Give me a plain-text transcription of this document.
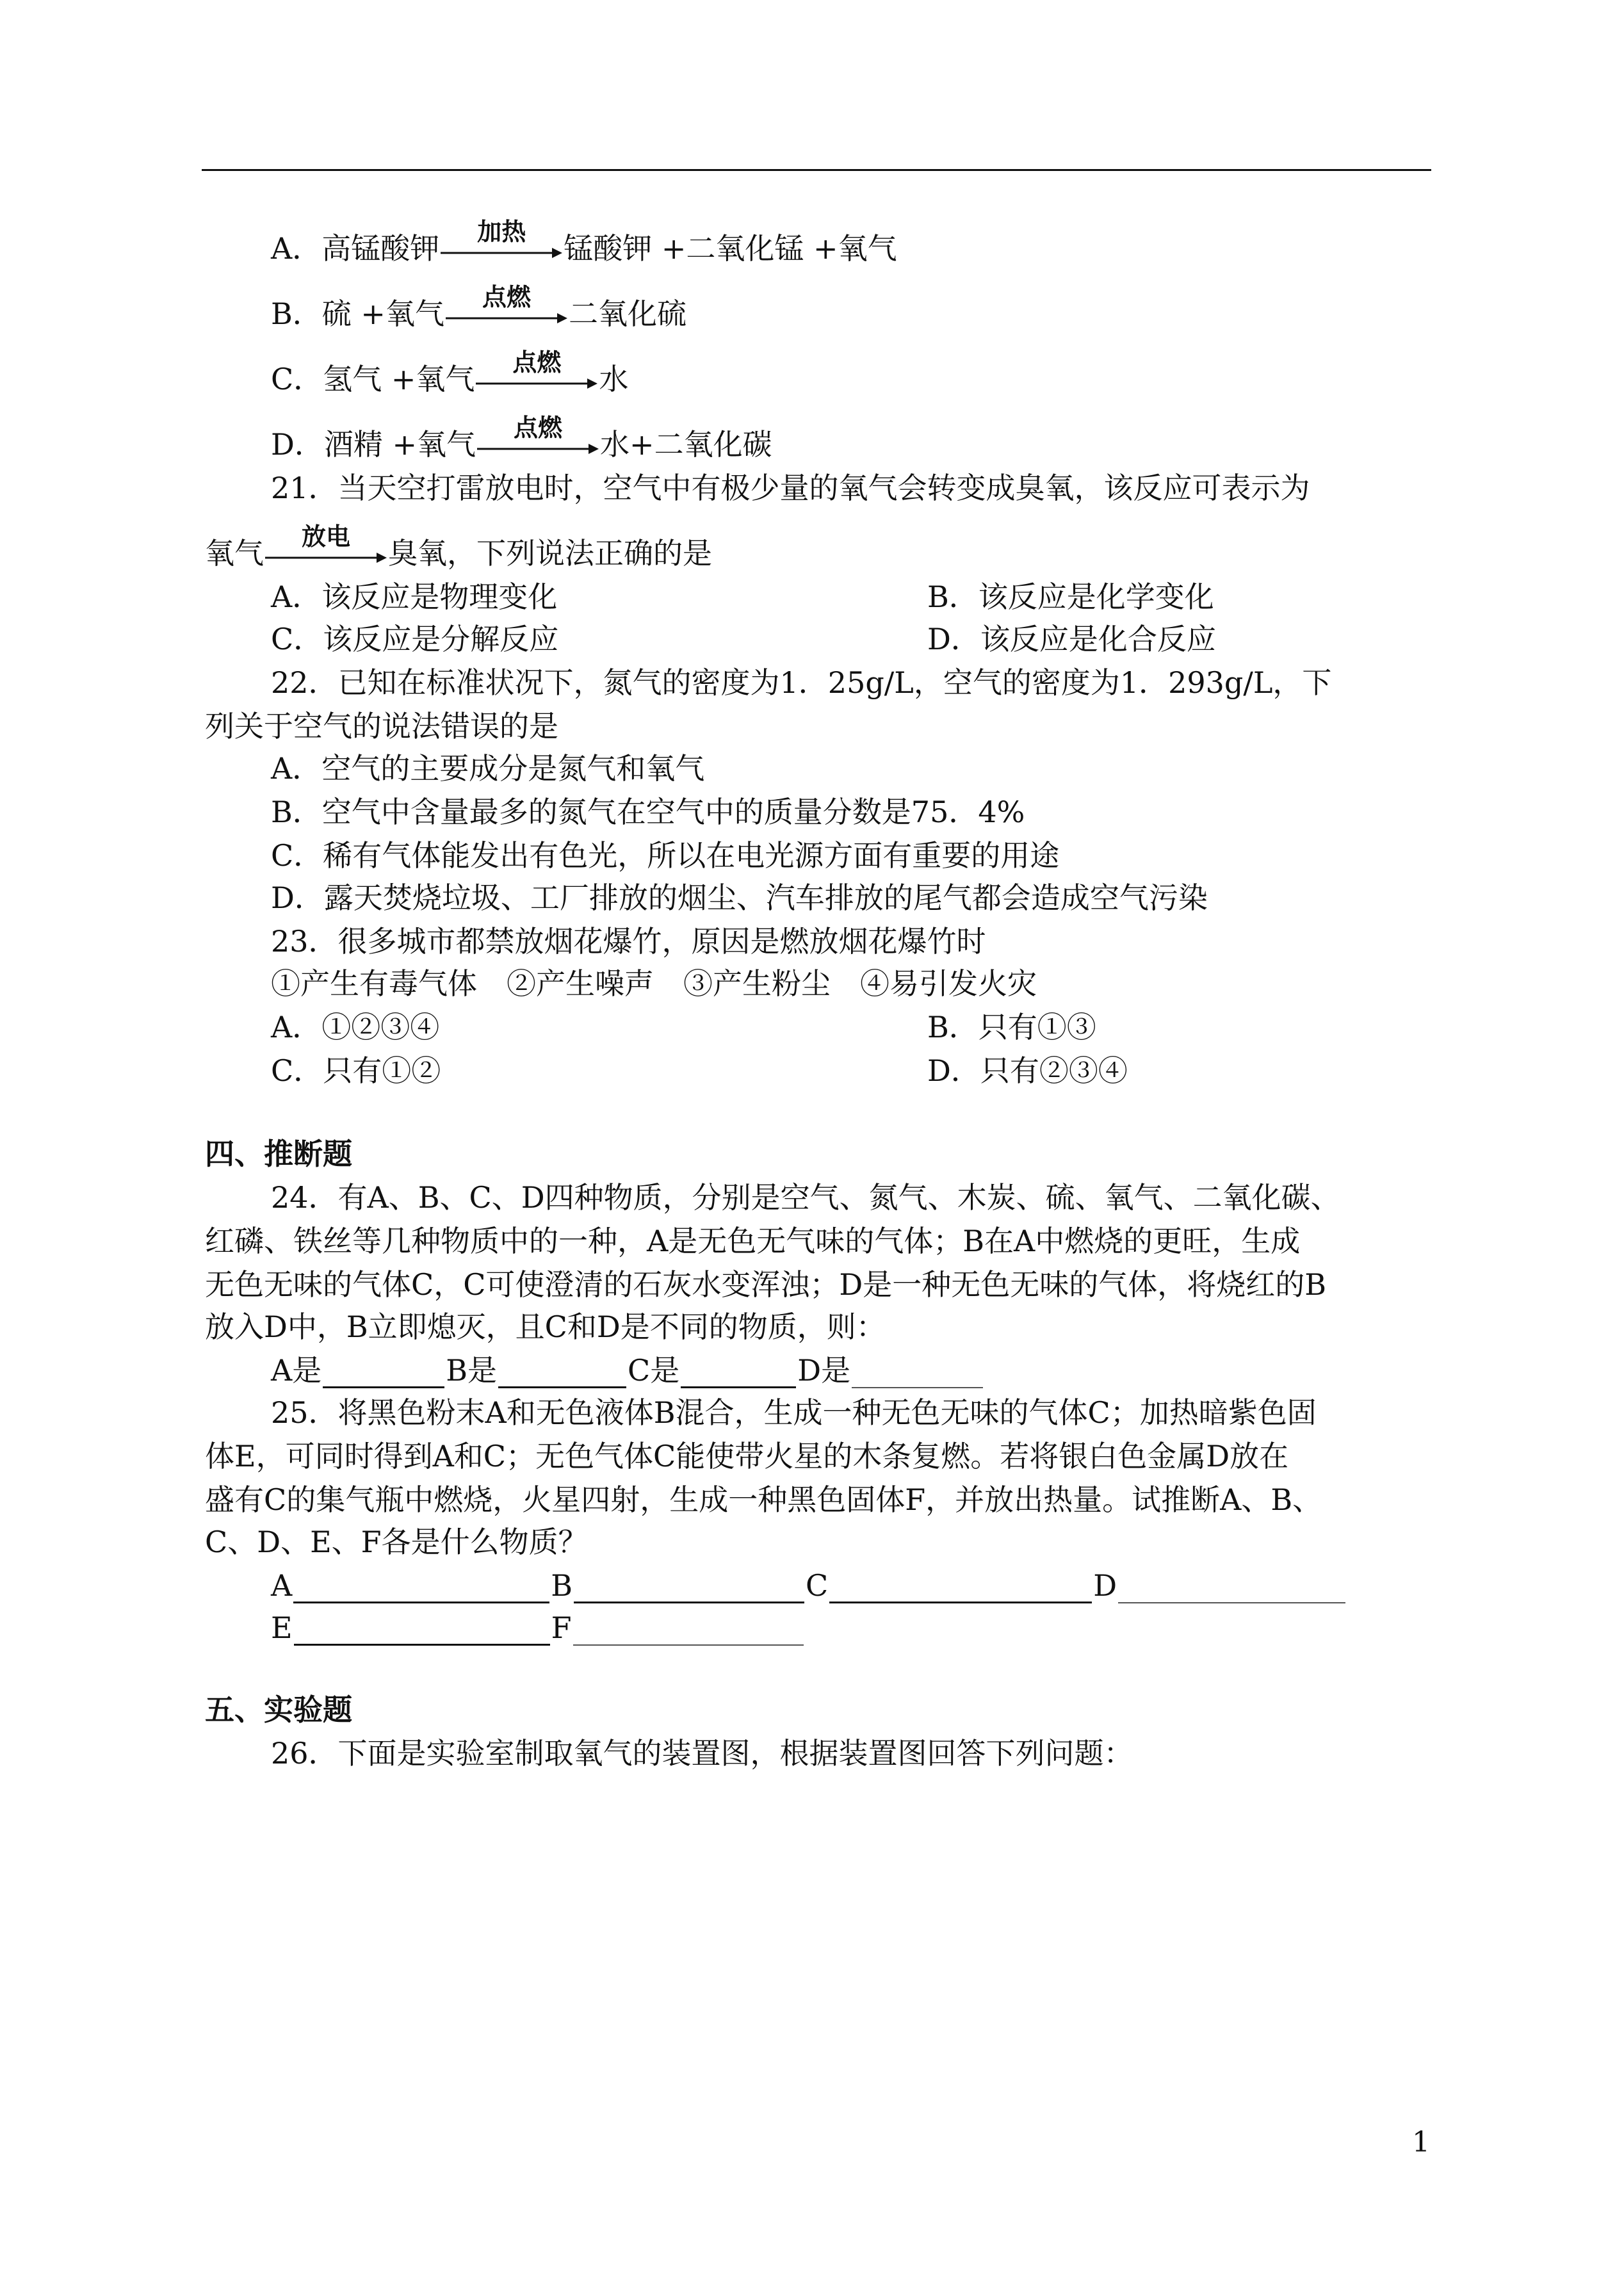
A．高锰酸钾	加热	锰酸钾 +二氧化锰 +氧气
B．硫 +氧气	点燃	二氧化硫
C．氢气 +氧气	点燃	水
D．酒精 +氧气	点燃	水+二氧化碳
21．当天空打雷放电时，空气中有极少量的氧气会转变成臭氧，该反应可表示为
氧气	放电	臭氧，下列说法正确的是
A．该反应是物理变化	B．该反应是化学变化
C．该反应是分解反应	D．该反应是化合反应
22．已知在标准状况下，氮气的密度为1．25g/L，空气的密度为1．293g/L，下
列关于空气的说法错误的是
A．空气的主要成分是氮气和氧气
B．空气中含量最多的氮气在空气中的质量分数是75．4%
C．稀有气体能发出有色光，所以在电光源方面有重要的用途
D．露天焚烧垃圾、工厂排放的烟尘、汽车排放的尾气都会造成空气污染
23．很多城市都禁放烟花爆竹，原因是燃放烟花爆竹时
①产生有毒气体　②产生噪声　③产生粉尘　④易引发火灾
A．①②③④	B．只有①③
C．只有①②	D．只有②③④
四、推断题
24．有A、B、C、D四种物质，分别是空气、氮气、木炭、硫、氧气、二氧化碳、
红磷、铁丝等几种物质中的一种，A是无色无气味的气体；B在A中燃烧的更旺，生成
无色无味的气体C，C可使澄清的石灰水变浑浊；D是一种无色无味的气体，将烧红的B
放入D中，B立即熄灭，且C和D是不同的物质，则：
A是	B是	C是	D是
25．将黑色粉末A和无色液体B混合，生成一种无色无味的气体C；加热暗紫色固
体E，可同时得到A和C；无色气体C能使带火星的木条复燃。若将银白色金属D放在
盛有C的集气瓶中燃烧，火星四射，生成一种黑色固体F，并放出热量。试推断A、B、
C、D、E、F各是什么物质？
A	B	C	D
E	F
五、实验题
26．下面是实验室制取氧气的装置图，根据装置图回答下列问题：
1
